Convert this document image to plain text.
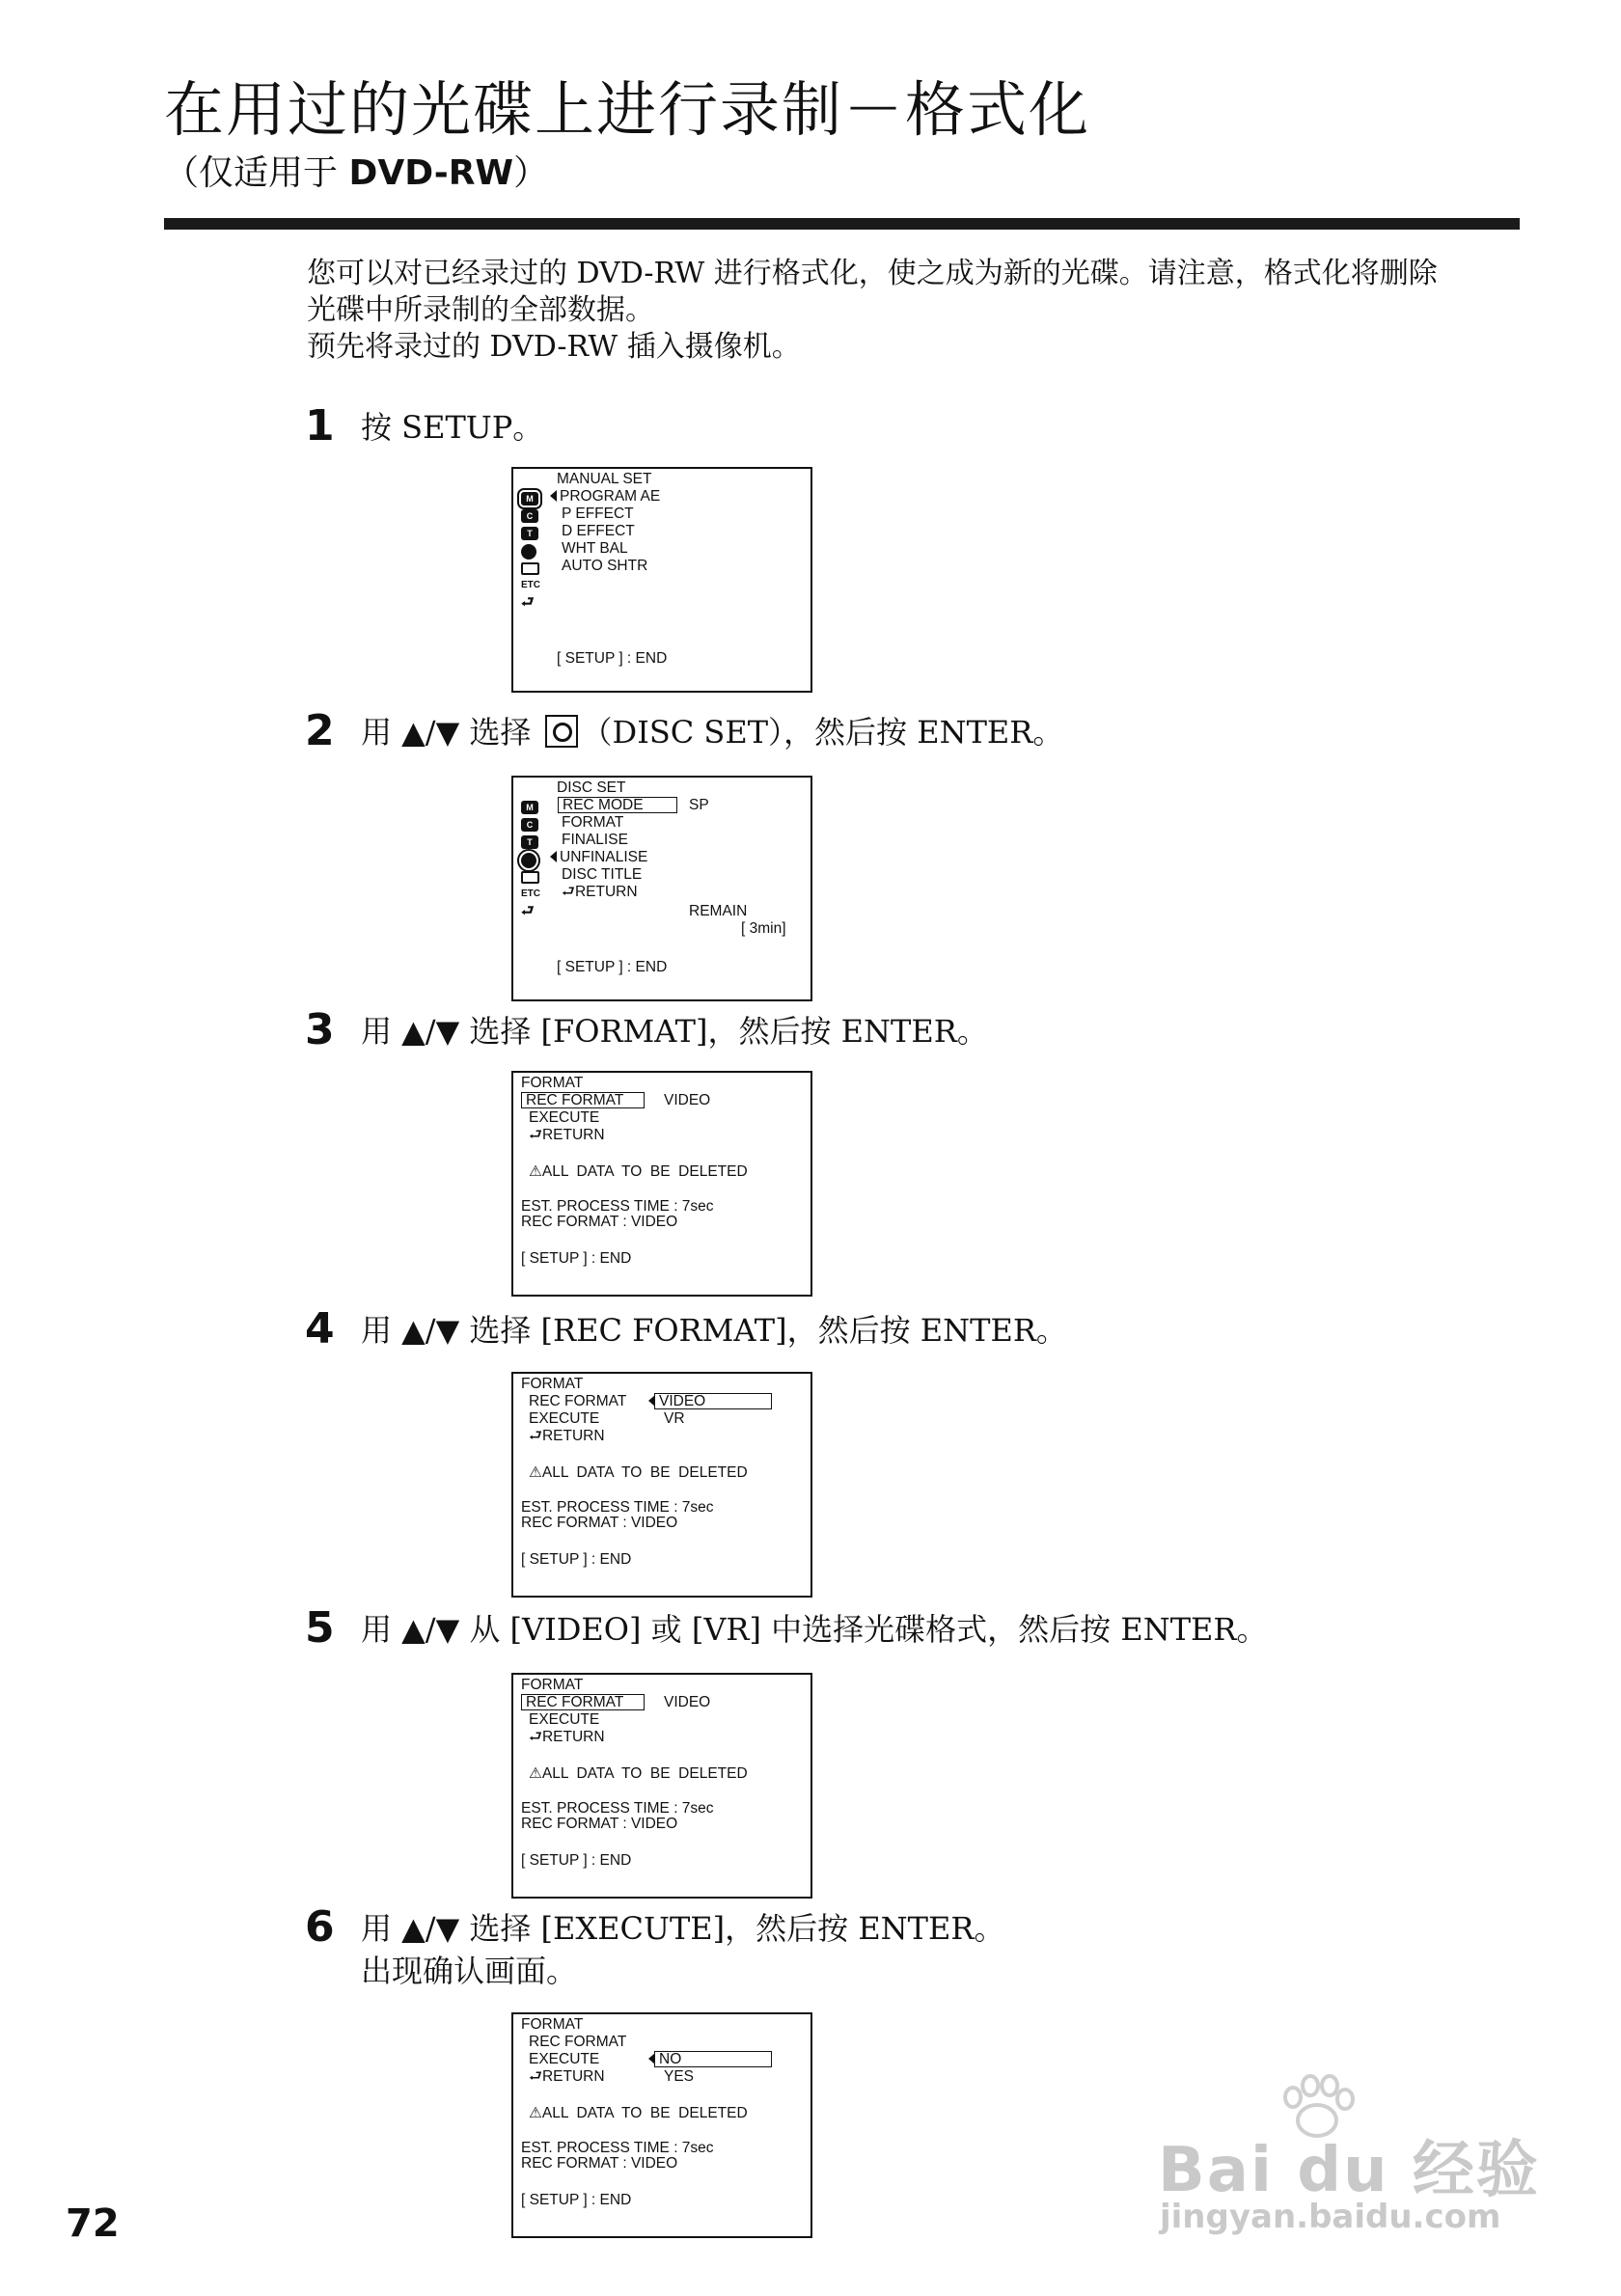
在用过的光碟上进行录制－格式化
（仅适用于 DVD-RW）

您可以对已经录过的 DVD-RW 进行格式化，使之成为新的光碟。请注意，格式化将删除

光碟中所录制的全部数据。

预先将录过的 DVD-RW 插入摄像机。

1 按 SETUP。
M
C
T
ETC
⮐
MANUAL SET
PROGRAM AE
P EFFECT
D EFFECT
WHT BAL
AUTO SHTR
[ SETUP ] : END
2 用 ▲/▼ 选择 （DISC SET），然后按 ENTER。
M
C
T
ETC
⮐
DISC SET
REC MODE	SP
FORMAT
FINALISE
UNFINALISE
DISC TITLE
⮐RETURN
REMAIN
[ 3min]
[ SETUP ] : END
3 用 ▲/▼ 选择 [FORMAT]，然后按 ENTER。
FORMAT
REC FORMAT	VIDEO
EXECUTE
⮐RETURN
⚠ALL  DATA  TO  BE  DELETED
EST. PROCESS TIME : 7sec
REC FORMAT : VIDEO
[ SETUP ] : END
4 用 ▲/▼ 选择 [REC FORMAT]，然后按 ENTER。
FORMAT
REC FORMAT	VIDEO
EXECUTE	VR
⮐RETURN
⚠ALL  DATA  TO  BE  DELETED
EST. PROCESS TIME : 7sec
REC FORMAT : VIDEO
[ SETUP ] : END
5 用 ▲/▼ 从 [VIDEO] 或 [VR] 中选择光碟格式，然后按 ENTER。
FORMAT
REC FORMAT	VIDEO
EXECUTE
⮐RETURN
⚠ALL  DATA  TO  BE  DELETED
EST. PROCESS TIME : 7sec
REC FORMAT : VIDEO
[ SETUP ] : END
6 用 ▲/▼ 选择 [EXECUTE]，然后按 ENTER。
出现确认画面。
FORMAT
REC FORMAT
EXECUTE	NO
⮐RETURN	YES
⚠ALL  DATA  TO  BE  DELETED
EST. PROCESS TIME : 7sec
REC FORMAT : VIDEO
[ SETUP ] : END
72
Bai du 经验
jingyan.baidu.com
